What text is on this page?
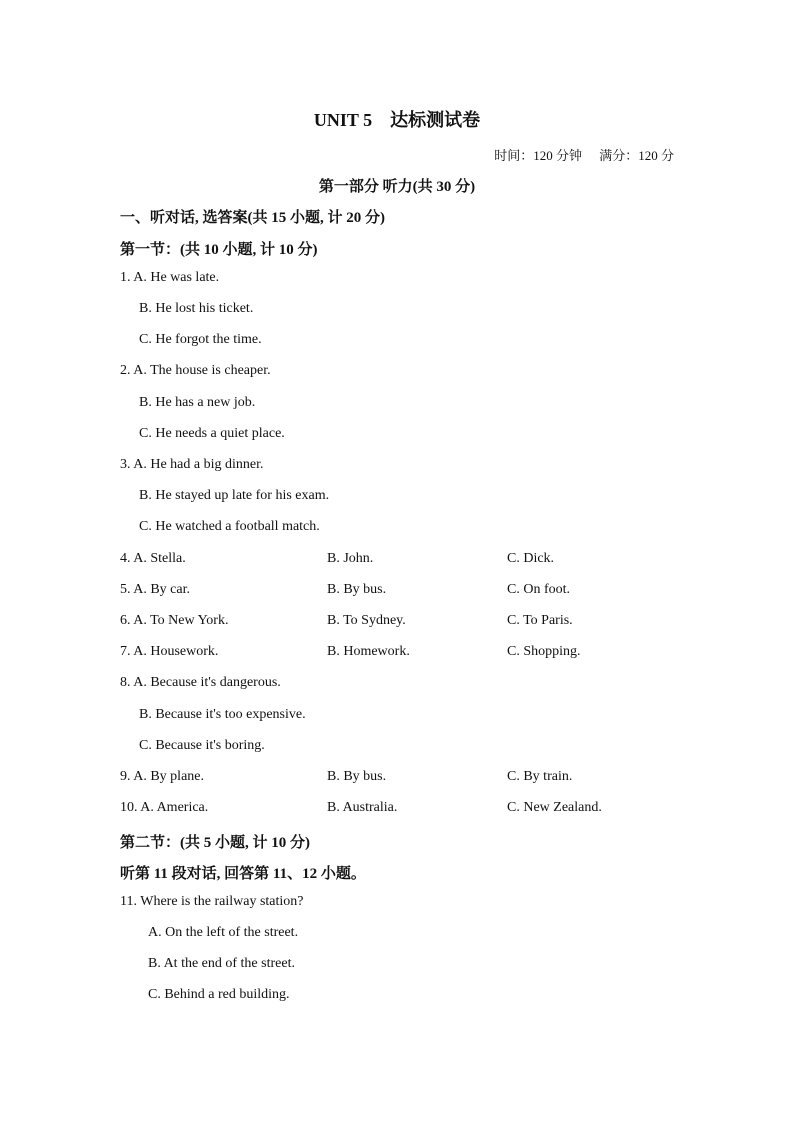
UNIT 5　达标测试卷
时间：120 分钟 满分：120 分
第一部分 听力(共 30 分)
一、听对话, 选答案(共 15 小题, 计 20 分)
第一节：(共 10 小题, 计 10 分)
1. A. He was late.
B. He lost his ticket.
C. He forgot the time.
2. A. The house is cheaper.
B. He has a new job.
C. He needs a quiet place.
3. A. He had a big dinner.
B. He stayed up late for his exam.
C. He watched a football match.
4. A. Stella.	B. John.	C. Dick.
5. A. By car.	B. By bus.	C. On foot.
6. A. To New York.	B. To Sydney.	C. To Paris.
7. A. Housework.	B. Homework.	C. Shopping.
8. A. Because it's dangerous.
B. Because it's too expensive.
C. Because it's boring.
9. A. By plane.	B. By bus.	C. By train.
10. A. America.	B. Australia.	C. New Zealand.
第二节：(共 5 小题, 计 10 分)
听第 11 段对话, 回答第 11、12 小题。
11. Where is the railway station?
A. On the left of the street.
B. At the end of the street.
C. Behind a red building.
